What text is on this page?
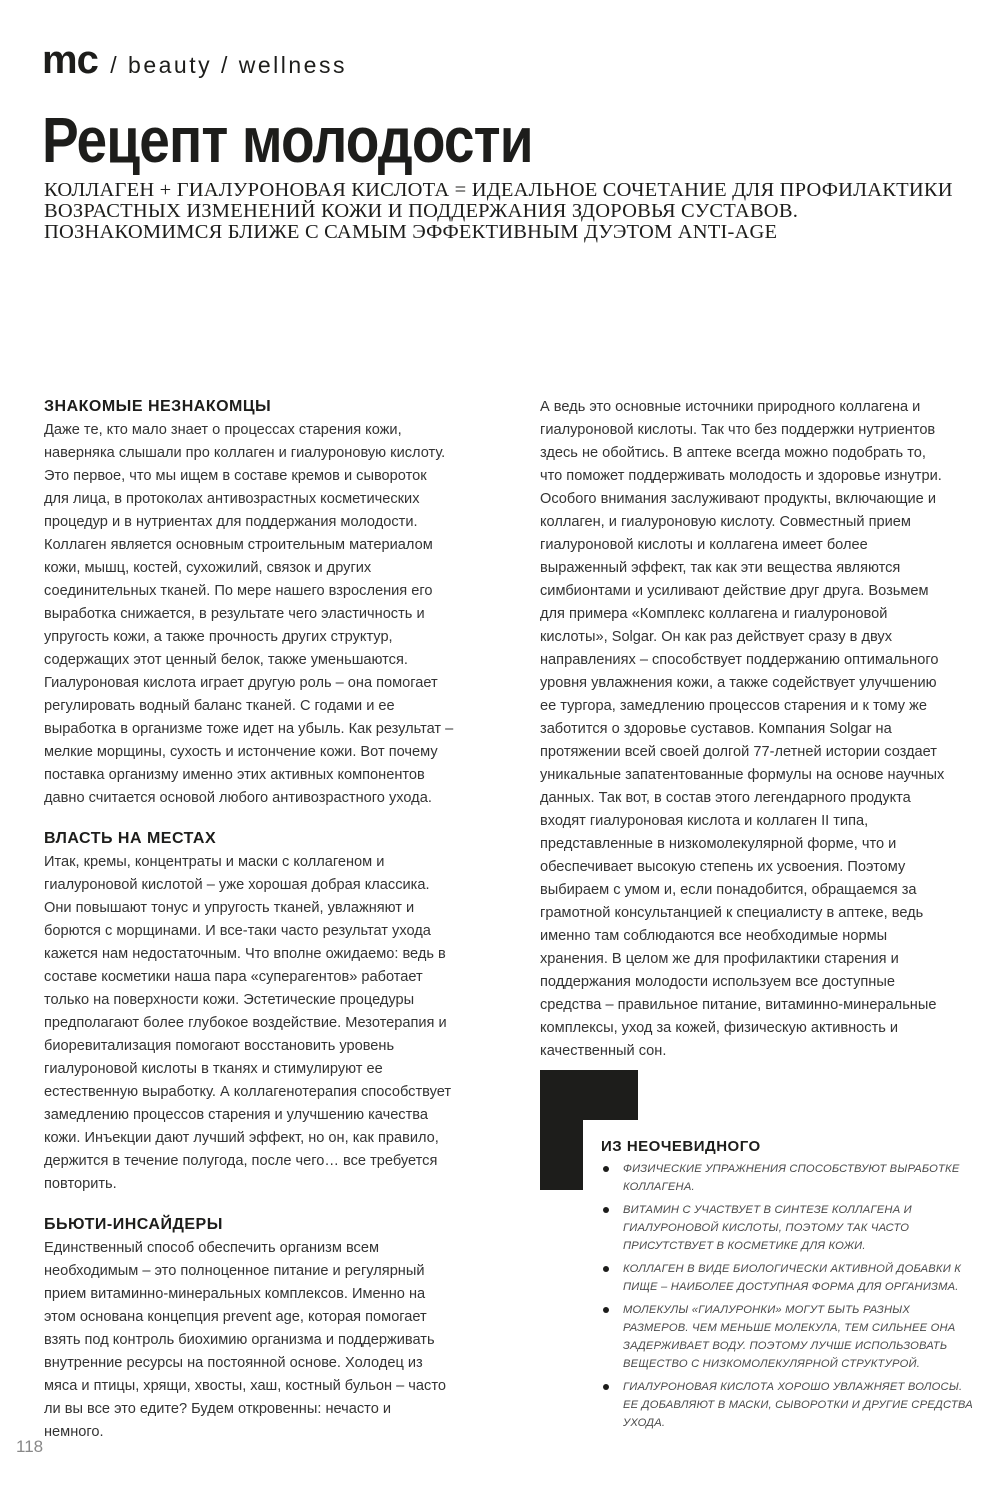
mc / beauty / wellness
Рецепт молодости

КОЛЛАГЕН + ГИАЛУРОНОВАЯ КИСЛОТА = ИДЕАЛЬНОЕ СОЧЕТАНИЕ ДЛЯ ПРОФИЛАКТИКИ ВОЗРАСТНЫХ ИЗМЕНЕНИЙ КОЖИ И ПОДДЕРЖАНИЯ ЗДОРОВЬЯ СУСТАВОВ. ПОЗНАКОМИМСЯ БЛИЖЕ С САМЫМ ЭФФЕКТИВНЫМ ДУЭТОМ ANTI-AGE

ЗНАКОМЫЕ НЕЗНАКОМЦЫ

Даже те, кто мало знает о процессах старения кожи, наверняка слышали про коллаген и гиалуроновую кислоту. Это первое, что мы ищем в составе кремов и сывороток для лица, в протоколах антивозрастных косметических процедур и в нутриентах для поддержания молодости. Коллаген является основным строительным материалом кожи, мышц, костей, сухожилий, связок и других соединительных тканей. По мере нашего взросления его выработка снижается, в результате чего эластичность и упругость кожи, а также прочность других структур, содержащих этот ценный белок, также уменьшаются. Гиалуроновая кислота играет другую роль – она помогает регулировать водный баланс тканей. С годами и ее выработка в организме тоже идет на убыль. Как результат – мелкие морщины, сухость и истончение кожи. Вот почему поставка организму именно этих активных компонентов давно считается основой любого антивозрастного ухода.

ВЛАСТЬ НА МЕСТАХ

Итак, кремы, концентраты и маски с коллагеном и гиалуроновой кислотой – уже хорошая добрая классика. Они повышают тонус и упругость тканей, увлажняют и борются с морщинами. И все-таки часто результат ухода кажется нам недостаточным. Что вполне ожидаемо: ведь в составе косметики наша пара «суперагентов» работает только на поверхности кожи. Эстетические процедуры предполагают более глубокое воздействие. Мезотерапия и биоревитализация помогают восстановить уровень гиалуроновой кислоты в тканях и стимулируют ее естественную выработку. А коллагенотерапия способствует замедлению процессов старения и улучшению качества кожи. Инъекции дают лучший эффект, но он, как правило, держится в течение полугода, после чего… все требуется повторить.

БЬЮТИ-ИНСАЙДЕРЫ

Единственный способ обеспечить организм всем необходимым – это полноценное питание и регулярный прием витаминно-минеральных комплексов. Именно на этом основана концепция prevent age, которая помогает взять под контроль биохимию организма и поддерживать внутренние ресурсы на постоянной основе. Холодец из мяса и птицы, хрящи, хвосты, хаш, костный бульон – часто ли вы все это едите? Будем откровенны: нечасто и немного.

А ведь это основные источники природного коллагена и гиалуроновой кислоты. Так что без поддержки нутриентов здесь не обойтись. В аптеке всегда можно подобрать то, что поможет поддерживать молодость и здоровье изнутри. Особого внимания заслуживают продукты, включающие и коллаген, и гиалуроновую кислоту. Совместный прием гиалуроновой кислоты и коллагена имеет более выраженный эффект, так как эти вещества являются симбионтами и усиливают действие друг друга. Возьмем для примера «Комплекс коллагена и гиалуроновой кислоты», Solgar. Он как раз действует сразу в двух направлениях – способствует поддержанию оптимального уровня увлажнения кожи, а также содействует улучшению ее тургора, замедлению процессов старения и к тому же заботится о здоровье суставов. Компания Solgar на протяжении всей своей долгой 77-летней истории создает уникальные запатентованные формулы на основе научных данных. Так вот, в состав этого легендарного продукта входят гиалуроновая кислота и коллаген II типа, представленные в низкомолекулярной форме, что и обеспечивает высокую степень их усвоения. Поэтому выбираем с умом и, если понадобится, обращаемся за грамотной консультанцией к специалисту в аптеке, ведь именно там соблюдаются все необходимые нормы хранения. В целом же для профилактики старения и поддержания молодости используем все доступные средства – правильное питание, витаминно-минеральные комплексы, уход за кожей, физическую активность и качественный сон.

ИЗ НЕОЧЕВИДНОГО
ФИЗИЧЕСКИЕ УПРАЖНЕНИЯ СПОСОБСТВУЮТ ВЫРАБОТКЕ КОЛЛАГЕНА.
ВИТАМИН С УЧАСТВУЕТ В СИНТЕЗЕ КОЛЛАГЕНА И ГИАЛУРОНОВОЙ КИСЛОТЫ, ПОЭТОМУ ТАК ЧАСТО ПРИСУТСТВУЕТ В КОСМЕТИКЕ ДЛЯ КОЖИ.
КОЛЛАГЕН В ВИДЕ БИОЛОГИЧЕСКИ АКТИВНОЙ ДОБАВКИ К ПИЩЕ – НАИБОЛЕЕ ДОСТУПНАЯ ФОРМА ДЛЯ ОРГАНИЗМА.
МОЛЕКУЛЫ «ГИАЛУРОНКИ» МОГУТ БЫТЬ РАЗНЫХ РАЗМЕРОВ. ЧЕМ МЕНЬШЕ МОЛЕКУЛА, ТЕМ СИЛЬНЕЕ ОНА ЗАДЕРЖИВАЕТ ВОДУ. ПОЭТОМУ ЛУЧШЕ ИСПОЛЬЗОВАТЬ ВЕЩЕСТВО С НИЗКОМОЛЕКУЛЯРНОЙ СТРУКТУРОЙ.
ГИАЛУРОНОВАЯ КИСЛОТА ХОРОШО УВЛАЖНЯЕТ ВОЛОСЫ. ЕЕ ДОБАВЛЯЮТ В МАСКИ, СЫВОРОТКИ И ДРУГИЕ СРЕДСТВА УХОДА.
118
